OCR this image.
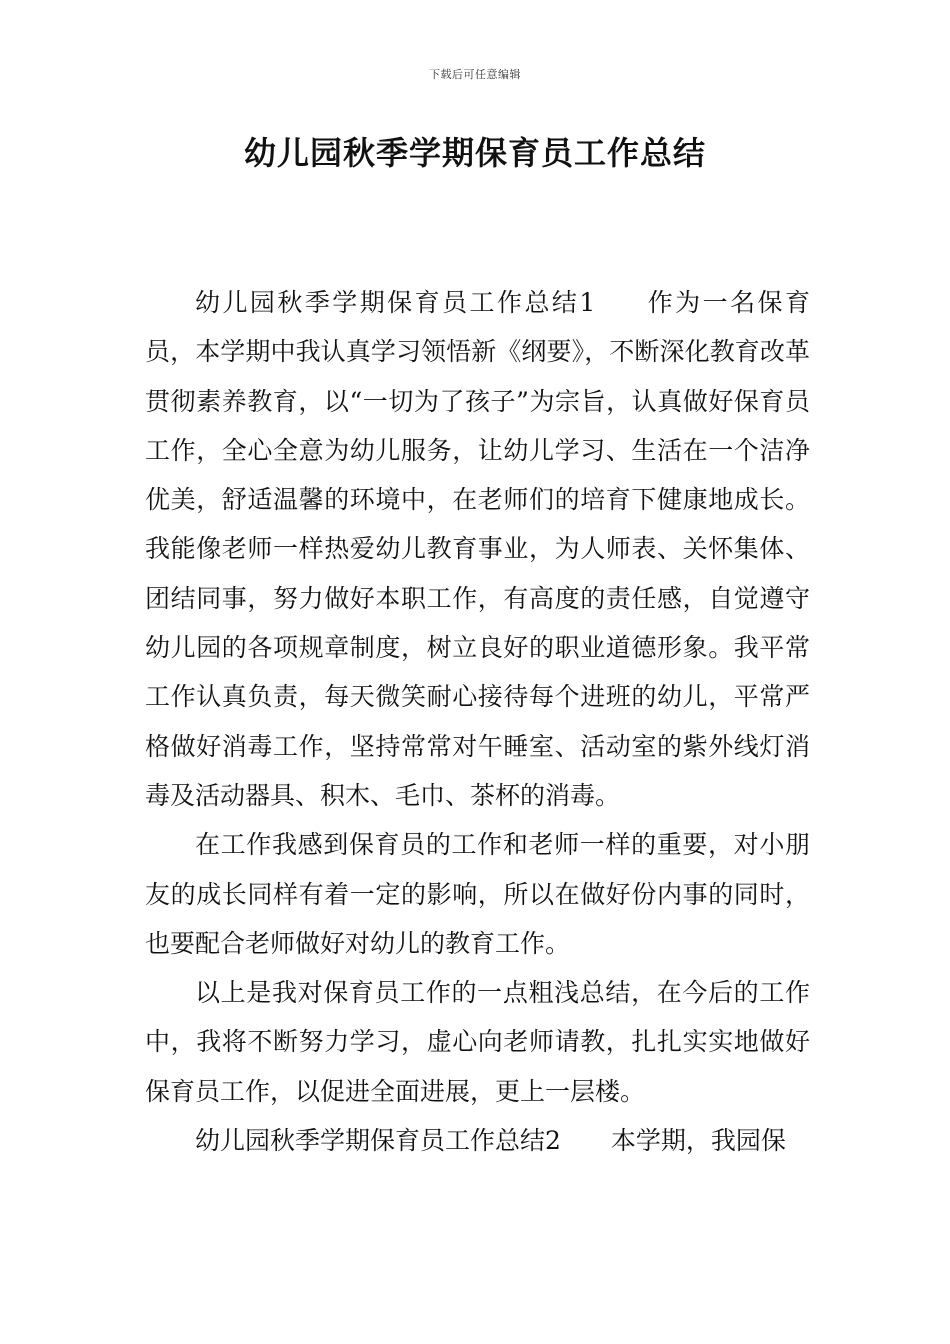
下载后可任意编辑
幼儿园秋季学期保育员工作总结

幼儿园秋季学期保育员工作总结1 作为一名保育员，本学期中我认真学习领悟新《纲要》，不断深化教育改革贯彻素养教育，以“一切为了孩子”为宗旨，认真做好保育员工作，全心全意为幼儿服务，让幼儿学习、生活在一个洁净优美，舒适温馨的环境中，在老师们的培育下健康地成长。我能像老师一样热爱幼儿教育事业，为人师表、关怀集体、团结同事，努力做好本职工作，有高度的责任感，自觉遵守幼儿园的各项规章制度，树立良好的职业道德形象。我平常工作认真负责，每天微笑耐心接待每个进班的幼儿，平常严格做好消毒工作，坚持常常对午睡室、活动室的紫外线灯消毒及活动器具、积木、毛巾、茶杯的消毒。

在工作我感到保育员的工作和老师一样的重要，对小朋友的成长同样有着一定的影响，所以在做好份内事的同时，也要配合老师做好对幼儿的教育工作。

以上是我对保育员工作的一点粗浅总结，在今后的工作中，我将不断努力学习，虚心向老师请教，扎扎实实地做好保育员工作，以促进全面进展，更上一层楼。

幼儿园秋季学期保育员工作总结2 本学期，我园保
